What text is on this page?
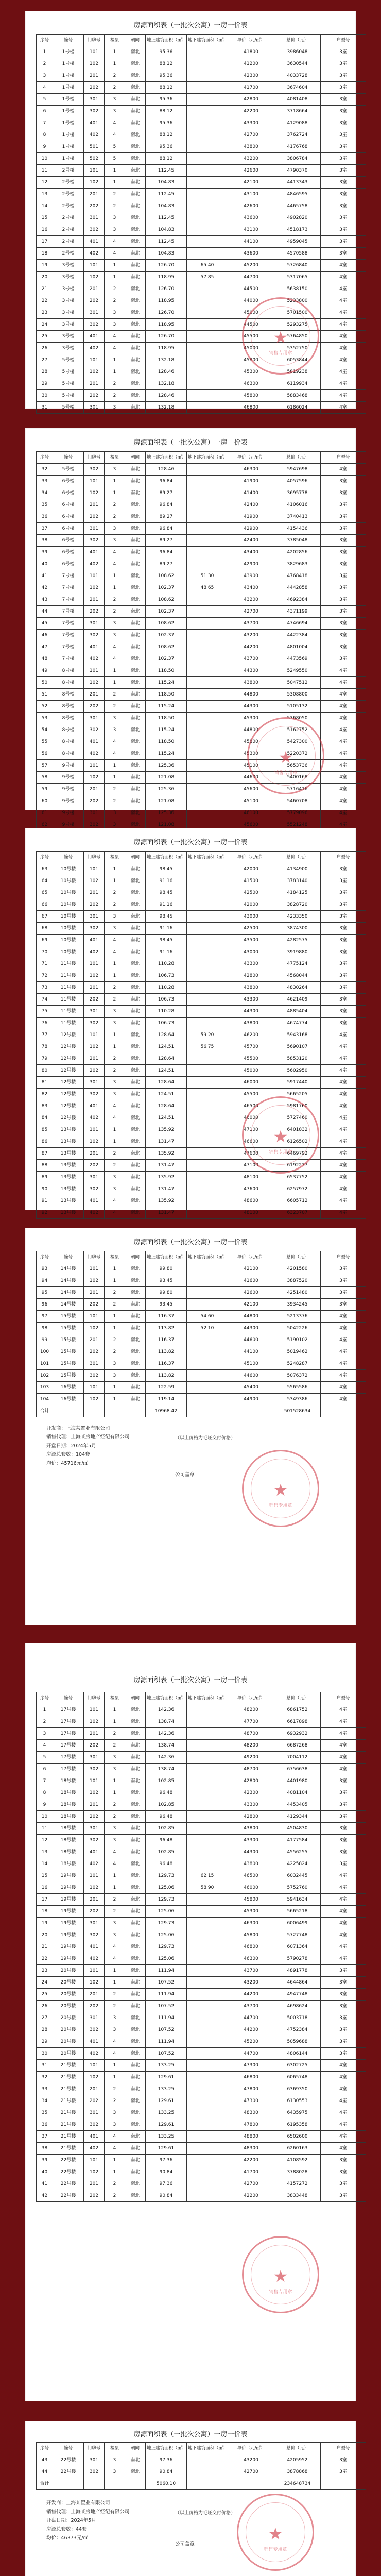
房源面积表（一批次公寓）一房一价表
序号	幢号	门牌号	楼层	朝向	地上建筑面积（㎡）	地下建筑面积（㎡）	单价（元/㎡）	总价（元）	户型号
1	1号楼	101	1	南北	95.36		41800	3986048	3室
2	1号楼	102	1	南北	88.12		41200	3630544	3室
3	1号楼	201	2	南北	95.36		42300	4033728	3室
4	1号楼	202	2	南北	88.12		41700	3674604	3室
5	1号楼	301	3	南北	95.36		42800	4081408	3室
6	1号楼	302	3	南北	88.12		42200	3718664	3室
7	1号楼	401	4	南北	95.36		43300	4129088	3室
8	1号楼	402	4	南北	88.12		42700	3762724	3室
9	1号楼	501	5	南北	95.36		43800	4176768	3室
10	1号楼	502	5	南北	88.12		43200	3806784	3室
11	2号楼	101	1	南北	112.45		42600	4790370	3室
12	2号楼	102	1	南北	104.83		42100	4413343	3室
13	2号楼	201	2	南北	112.45		43100	4846595	3室
14	2号楼	202	2	南北	104.83		42600	4465758	3室
15	2号楼	301	3	南北	112.45		43600	4902820	3室
16	2号楼	302	3	南北	104.83		43100	4518173	3室
17	2号楼	401	4	南北	112.45		44100	4959045	3室
18	2号楼	402	4	南北	104.83		43600	4570588	3室
19	3号楼	101	1	南北	126.70	65.40	45200	5726840	4室
20	3号楼	102	1	南北	118.95	57.85	44700	5317065	4室
21	3号楼	201	2	南北	126.70		44500	5638150	4室
22	3号楼	202	2	南北	118.95		44000	5233800	4室
23	3号楼	301	3	南北	126.70		45000	5701500	4室
24	3号楼	302	3	南北	118.95		44500	5293275	4室
25	3号楼	401	4	南北	126.70		45500	5764850	4室
26	3号楼	402	4	南北	118.95		45000	5352750	4室
27	5号楼	101	1	南北	132.18		45800	6053844	4室
28	5号楼	102	1	南北	128.46		45300	5819238	4室
29	5号楼	201	2	南北	132.18		46300	6119934	4室
30	5号楼	202	2	南北	128.46		45800	5883468	4室
31	5号楼	301	3	南北	132.18		46800	6186024	4室
★
销售专用章
房源面积表（一批次公寓）一房一价表
序号	幢号	门牌号	楼层	朝向	地上建筑面积（㎡）	地下建筑面积（㎡）	单价（元/㎡）	总价（元）	户型号
32	5号楼	302	3	南北	128.46		46300	5947698	4室
33	6号楼	101	1	南北	96.84		41900	4057596	3室
34	6号楼	102	1	南北	89.27		41400	3695778	3室
35	6号楼	201	2	南北	96.84		42400	4106016	3室
36	6号楼	202	2	南北	89.27		41900	3740413	3室
37	6号楼	301	3	南北	96.84		42900	4154436	3室
38	6号楼	302	3	南北	89.27		42400	3785048	3室
39	6号楼	401	4	南北	96.84		43400	4202856	3室
40	6号楼	402	4	南北	89.27		42900	3829683	3室
41	7号楼	101	1	南北	108.62	51.30	43900	4768418	3室
42	7号楼	102	1	南北	102.37	48.65	43400	4442858	3室
43	7号楼	201	2	南北	108.62		43200	4692384	3室
44	7号楼	202	2	南北	102.37		42700	4371199	3室
45	7号楼	301	3	南北	108.62		43700	4746694	3室
46	7号楼	302	3	南北	102.37		43200	4422384	3室
47	7号楼	401	4	南北	108.62		44200	4801004	3室
48	7号楼	402	4	南北	102.37		43700	4473569	3室
49	8号楼	101	1	南北	118.50		44300	5249550	4室
50	8号楼	102	1	南北	115.24		43800	5047512	4室
51	8号楼	201	2	南北	118.50		44800	5308800	4室
52	8号楼	202	2	南北	115.24		44300	5105132	4室
53	8号楼	301	3	南北	118.50		45300	5368050	4室
54	8号楼	302	3	南北	115.24		44800	5162752	4室
55	8号楼	401	4	南北	118.50		45800	5427300	4室
56	8号楼	402	4	南北	115.24		45300	5220372	4室
57	9号楼	101	1	南北	125.36		45100	5653736	4室
58	9号楼	102	1	南北	121.08		44600	5400168	4室
59	9号楼	201	2	南北	125.36		45600	5716416	4室
60	9号楼	202	2	南北	121.08		45100	5460708	4室
61	9号楼	301	3	南北	125.36		46100	5779096	4室
62	9号楼	302	3	南北	121.08		45600	5521248	4室
★
销售专用章
房源面积表（一批次公寓）一房一价表
序号	幢号	门牌号	楼层	朝向	地上建筑面积（㎡）	地下建筑面积（㎡）	单价（元/㎡）	总价（元）	户型号
63	10号楼	101	1	南北	98.45		42000	4134900	3室
64	10号楼	102	1	南北	91.16		41500	3783140	3室
65	10号楼	201	2	南北	98.45		42500	4184125	3室
66	10号楼	202	2	南北	91.16		42000	3828720	3室
67	10号楼	301	3	南北	98.45		43000	4233350	3室
68	10号楼	302	3	南北	91.16		42500	3874300	3室
69	10号楼	401	4	南北	98.45		43500	4282575	3室
70	10号楼	402	4	南北	91.16		43000	3919880	3室
71	11号楼	101	1	南北	110.28		43300	4775124	3室
72	11号楼	102	1	南北	106.73		42800	4568044	3室
73	11号楼	201	2	南北	110.28		43800	4830264	3室
74	11号楼	202	2	南北	106.73		43300	4621409	3室
75	11号楼	301	3	南北	110.28		44300	4885404	3室
76	11号楼	302	3	南北	106.73		43800	4674774	3室
77	12号楼	101	1	南北	128.64	59.20	46200	5943168	4室
78	12号楼	102	1	南北	124.51	56.75	45700	5690107	4室
79	12号楼	201	2	南北	128.64		45500	5853120	4室
80	12号楼	202	2	南北	124.51		45000	5602950	4室
81	12号楼	301	3	南北	128.64		46000	5917440	4室
82	12号楼	302	3	南北	124.51		45500	5665205	4室
83	12号楼	401	4	南北	128.64		46500	5981760	4室
84	12号楼	402	4	南北	124.51		46000	5727460	4室
85	13号楼	101	1	南北	135.92		47100	6401832	4室
86	13号楼	102	1	南北	131.47		46600	6126502	4室
87	13号楼	201	2	南北	135.92		47600	6469792	4室
88	13号楼	202	2	南北	131.47		47100	6192237	4室
89	13号楼	301	3	南北	135.92		48100	6537752	4室
90	13号楼	302	3	南北	131.47		47600	6257972	4室
91	13号楼	401	4	南北	135.92		48600	6605712	4室
92	13号楼	402	4	南北	131.47		48100	6323707	4室
★
销售专用章
房源面积表（一批次公寓）一房一价表
序号	幢号	门牌号	楼层	朝向	地上建筑面积（㎡）	地下建筑面积（㎡）	单价（元/㎡）	总价（元）	户型号
93	14号楼	101	1	南北	99.80		42100	4201580	3室
94	14号楼	102	1	南北	93.45		41600	3887520	3室
95	14号楼	201	2	南北	99.80		42600	4251480	3室
96	14号楼	202	2	南北	93.45		42100	3934245	3室
97	15号楼	101	1	南北	116.37	54.60	44800	5213376	4室
98	15号楼	102	1	南北	113.82	52.10	44300	5042226	4室
99	15号楼	201	2	南北	116.37		44600	5190102	4室
100	15号楼	202	2	南北	113.82		44100	5019462	4室
101	15号楼	301	3	南北	116.37		45100	5248287	4室
102	15号楼	302	3	南北	113.82		44600	5076372	4室
103	16号楼	101	1	南北	122.59		45400	5565586	4室
104	16号楼	102	1	南北	119.14		44900	5349386	4室
合计					10968.42			501528634	
开发商：上海某置业有限公司
销售代理：上海某房地产经纪有限公司
开盘日期：2024年5月
房源总套数：104套
均价：45716元/㎡
（以上价格为毛坯交付价格）
公司盖章
★
销售专用章
房源面积表（一批次公寓）一房一价表
序号	幢号	门牌号	楼层	朝向	地上建筑面积（㎡）	地下建筑面积（㎡）	单价（元/㎡）	总价（元）	户型号
1	17号楼	101	1	南北	142.36		48200	6861752	4室
2	17号楼	102	1	南北	138.74		47700	6617898	4室
3	17号楼	201	2	南北	142.36		48700	6932932	4室
4	17号楼	202	2	南北	138.74		48200	6687268	4室
5	17号楼	301	3	南北	142.36		49200	7004112	4室
6	17号楼	302	3	南北	138.74		48700	6756638	4室
7	18号楼	101	1	南北	102.85		42800	4401980	3室
8	18号楼	102	1	南北	96.48		42300	4081104	3室
9	18号楼	201	2	南北	102.85		43300	4453405	3室
10	18号楼	202	2	南北	96.48		42800	4129344	3室
11	18号楼	301	3	南北	102.85		43800	4504830	3室
12	18号楼	302	3	南北	96.48		43300	4177584	3室
13	18号楼	401	4	南北	102.85		44300	4556255	3室
14	18号楼	402	4	南北	96.48		43800	4225824	3室
15	19号楼	101	1	南北	129.73	62.15	46500	6032445	4室
16	19号楼	102	1	南北	125.06	58.90	46000	5752760	4室
17	19号楼	201	2	南北	129.73		45800	5941634	4室
18	19号楼	202	2	南北	125.06		45300	5665218	4室
19	19号楼	301	3	南北	129.73		46300	6006499	4室
20	19号楼	302	3	南北	125.06		45800	5727748	4室
21	19号楼	401	4	南北	129.73		46800	6071364	4室
22	19号楼	402	4	南北	125.06		46300	5790278	4室
23	20号楼	101	1	南北	111.94		43700	4891778	3室
24	20号楼	102	1	南北	107.52		43200	4644864	3室
25	20号楼	201	2	南北	111.94		44200	4947748	3室
26	20号楼	202	2	南北	107.52		43700	4698624	3室
27	20号楼	301	3	南北	111.94		44700	5003718	3室
28	20号楼	302	3	南北	107.52		44200	4752384	3室
29	20号楼	401	4	南北	111.94		45200	5059688	3室
30	20号楼	402	4	南北	107.52		44700	4806144	3室
31	21号楼	101	1	南北	133.25		47300	6302725	4室
32	21号楼	102	1	南北	129.61		46800	6065748	4室
33	21号楼	201	2	南北	133.25		47800	6369350	4室
34	21号楼	202	2	南北	129.61		47300	6130553	4室
35	21号楼	301	3	南北	133.25		48300	6435975	4室
36	21号楼	302	3	南北	129.61		47800	6195358	4室
37	21号楼	401	4	南北	133.25		48800	6502600	4室
38	21号楼	402	4	南北	129.61		48300	6260163	4室
39	22号楼	101	1	南北	97.36		42200	4108592	3室
40	22号楼	102	1	南北	90.84		41700	3788028	3室
41	22号楼	201	2	南北	97.36		42700	4157272	3室
42	22号楼	202	2	南北	90.84		42200	3833448	3室
★
销售专用章
房源面积表（一批次公寓）一房一价表
序号	幢号	门牌号	楼层	朝向	地上建筑面积（㎡）	地下建筑面积（㎡）	单价（元/㎡）	总价（元）	户型号
43	22号楼	301	3	南北	97.36		43200	4205952	3室
44	22号楼	302	3	南北	90.84		42700	3878868	3室
合计					5060.10			234648734	
开发商：上海某置业有限公司
销售代理：上海某房地产经纪有限公司
开盘日期：2024年5月
房源总套数：44套
均价：46373元/㎡
（以上价格为毛坯交付价格）
公司盖章
★
销售专用章
